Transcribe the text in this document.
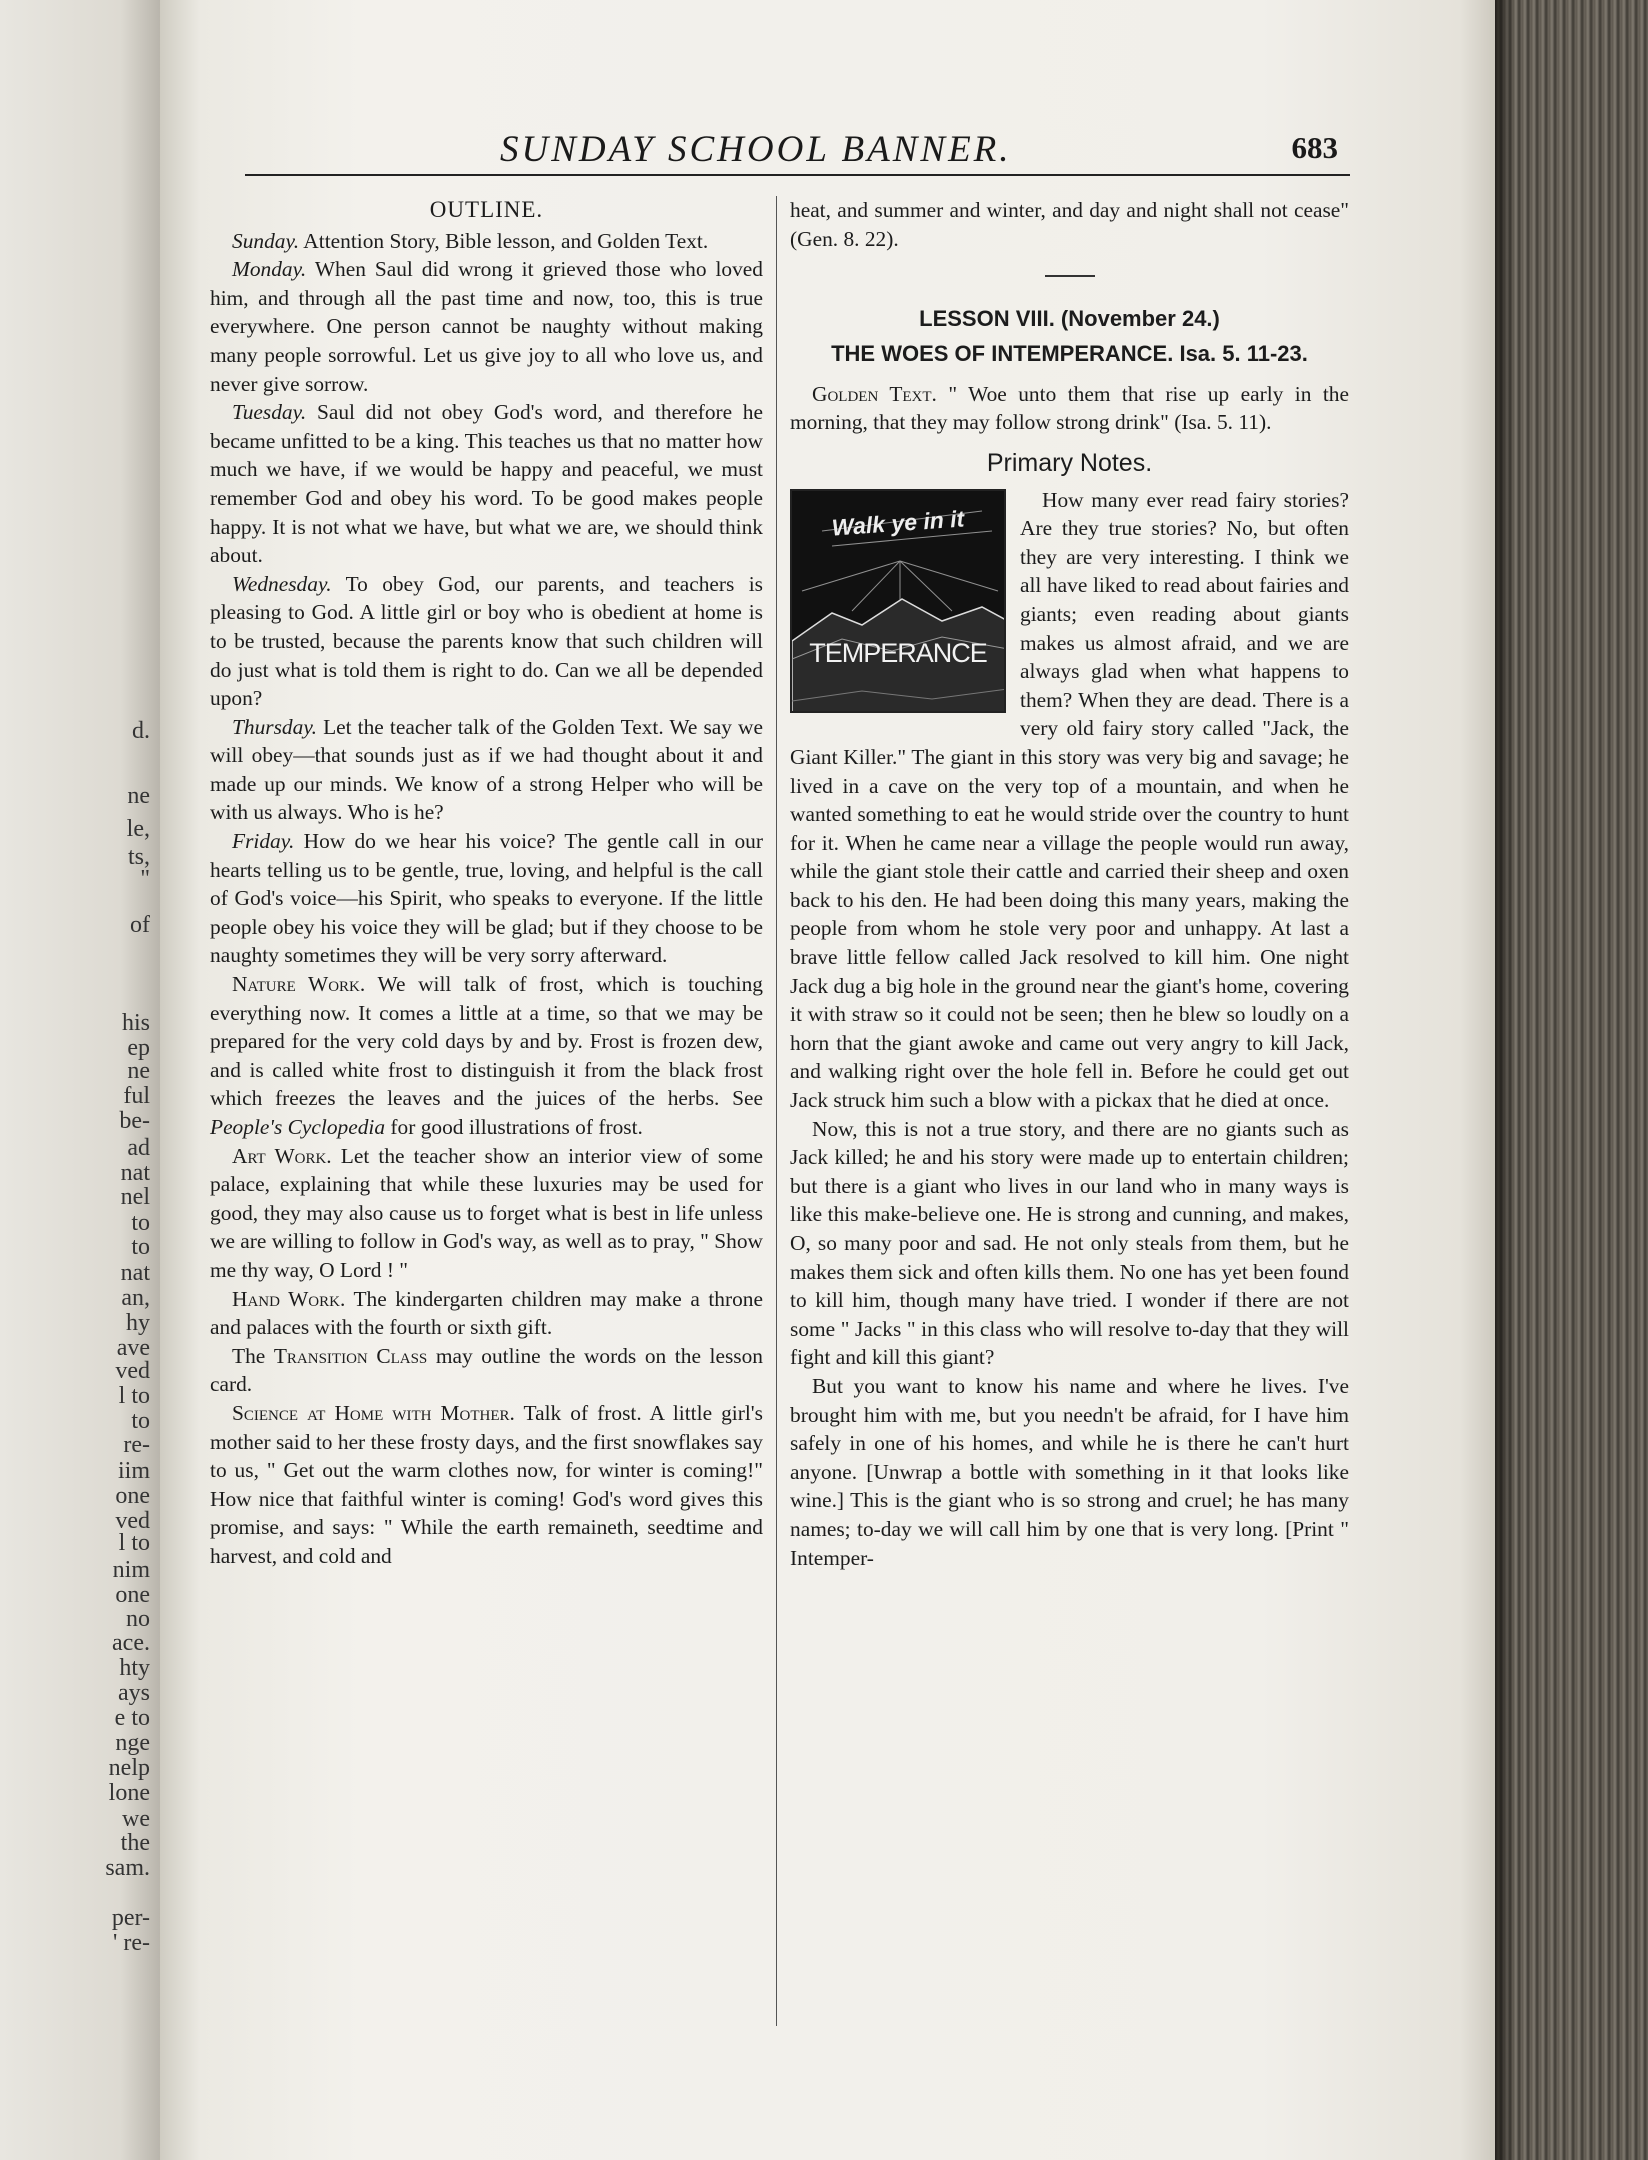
d.
ne
le,
ts,
"
of
his
ep
ne
ful
be-
ad
nat
nel
to
to
nat
an,
hy
ave
ved
l to
to
re-
iim
one
ved
l to
nim
one
no
ace.
hty
ays
e to
nge
nelp
lone
we
the
sam.
per-
' re-
SUNDAY SCHOOL BANNER.	683

OUTLINE.

Sunday. Attention Story, Bible lesson, and Golden Text.

Monday. When Saul did wrong it grieved those who loved him, and through all the past time and now, too, this is true everywhere. One person cannot be naughty without making many people sorrowful. Let us give joy to all who love us, and never give sorrow.

Tuesday. Saul did not obey God's word, and therefore he became unfitted to be a king. This teaches us that no matter how much we have, if we would be happy and peaceful, we must remember God and obey his word. To be good makes people happy. It is not what we have, but what we are, we should think about.

Wednesday. To obey God, our parents, and teachers is pleasing to God. A little girl or boy who is obedient at home is to be trusted, because the parents know that such children will do just what is told them is right to do. Can we all be depended upon?

Thursday. Let the teacher talk of the Golden Text. We say we will obey—that sounds just as if we had thought about it and made up our minds. We know of a strong Helper who will be with us always. Who is he?

Friday. How do we hear his voice? The gentle call in our hearts telling us to be gentle, true, loving, and helpful is the call of God's voice—his Spirit, who speaks to everyone. If the little people obey his voice they will be glad; but if they choose to be naughty sometimes they will be very sorry afterward.

Nature Work. We will talk of frost, which is touching everything now. It comes a little at a time, so that we may be prepared for the very cold days by and by. Frost is frozen dew, and is called white frost to distinguish it from the black frost which freezes the leaves and the juices of the herbs. See People's Cyclopedia for good illustrations of frost.

Art Work. Let the teacher show an interior view of some palace, explaining that while these luxuries may be used for good, they may also cause us to forget what is best in life unless we are willing to follow in God's way, as well as to pray, " Show me thy way, O Lord ! "

Hand Work. The kindergarten children may make a throne and palaces with the fourth or sixth gift.

The Transition Class may outline the words on the lesson card.

Science at Home with Mother. Talk of frost. A little girl's mother said to her these frosty days, and the first snowflakes say to us, " Get out the warm clothes now, for winter is coming!" How nice that faithful winter is coming! God's word gives this promise, and says: " While the earth remaineth, seedtime and harvest, and cold and

heat, and summer and winter, and day and night shall not cease" (Gen. 8. 22).

LESSON VIII. (November 24.)
THE WOES OF INTEMPERANCE. Isa. 5. 11-23.

Golden Text. " Woe unto them that rise up early in the morning, that they may follow strong drink" (Isa. 5. 11).

Primary Notes.
Walk ye in it
TEMPERANCE

How many ever read fairy stories? Are they true stories? No, but often they are very interesting. I think we all have liked to read about fairies and giants; even reading about giants makes us almost afraid, and we are always glad when what happens to them? When they are dead. There is a very old fairy story called "Jack, the Giant Killer." The giant in this story was very big and savage; he lived in a cave on the very top of a mountain, and when he wanted something to eat he would stride over the country to hunt for it. When he came near a village the people would run away, while the giant stole their cattle and carried their sheep and oxen back to his den. He had been doing this many years, making the people from whom he stole very poor and unhappy. At last a brave little fellow called Jack resolved to kill him. One night Jack dug a big hole in the ground near the giant's home, covering it with straw so it could not be seen; then he blew so loudly on a horn that the giant awoke and came out very angry to kill Jack, and walking right over the hole fell in. Before he could get out Jack struck him such a blow with a pickax that he died at once.

Now, this is not a true story, and there are no giants such as Jack killed; he and his story were made up to entertain children; but there is a giant who lives in our land who in many ways is like this make-believe one. He is strong and cunning, and makes, O, so many poor and sad. He not only steals from them, but he makes them sick and often kills them. No one has yet been found to kill him, though many have tried. I wonder if there are not some " Jacks " in this class who will resolve to-day that they will fight and kill this giant?

But you want to know his name and where he lives. I've brought him with me, but you needn't be afraid, for I have him safely in one of his homes, and while he is there he can't hurt anyone. [Unwrap a bottle with something in it that looks like wine.] This is the giant who is so strong and cruel; he has many names; to-day we will call him by one that is very long. [Print " Intemper-
